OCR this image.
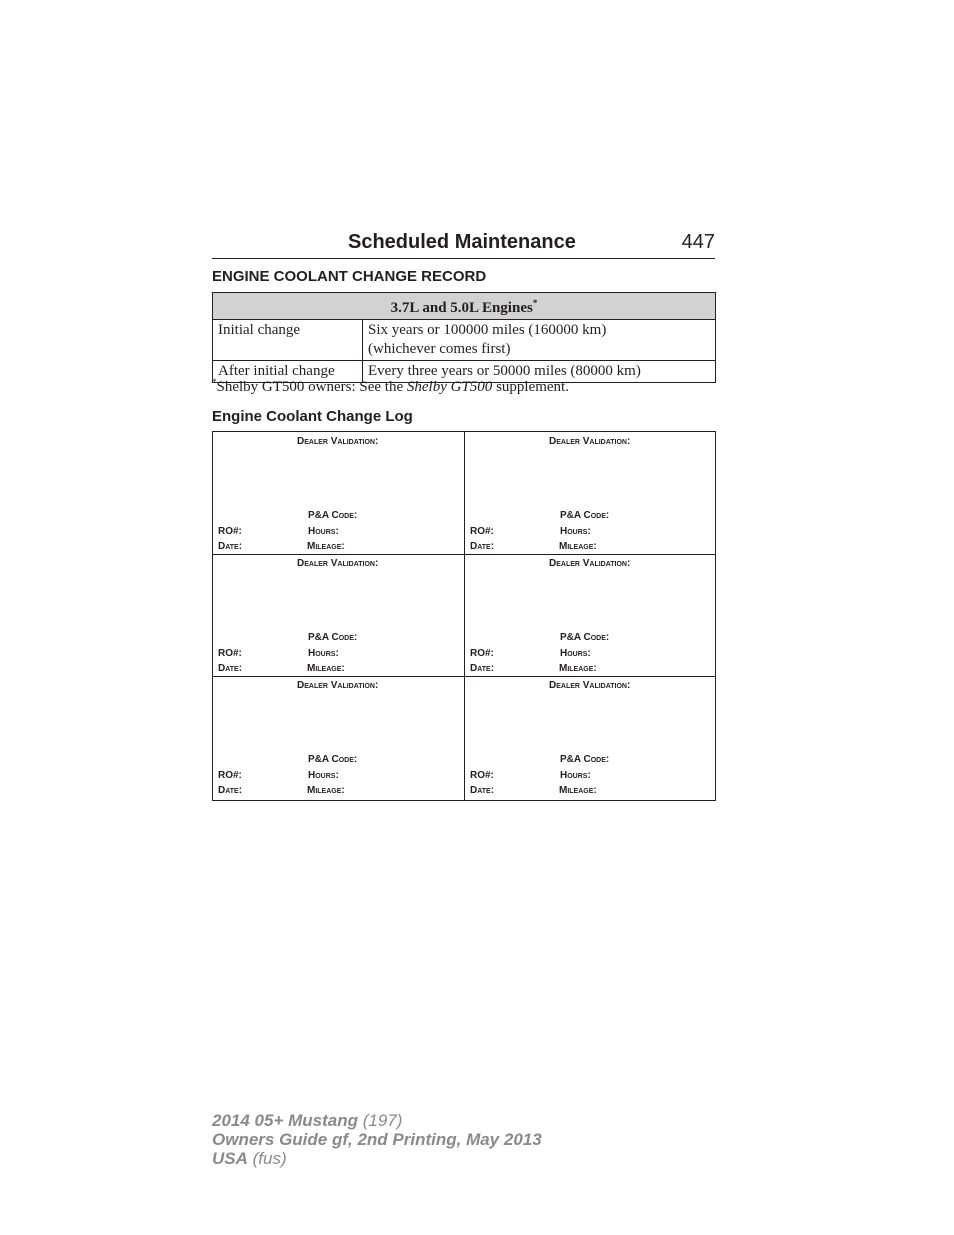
Scheduled Maintenance	447
ENGINE COOLANT CHANGE RECORD
3.7L and 5.0L Engines*
Initial change	Six years or 100000 miles (160000 km)
(whichever comes first)

After initial change	Every three years or 50000 miles (80000 km)
*Shelby GT500 owners: See the Shelby GT500 supplement.
Engine Coolant Change Log
Dealer Validation:
P&A Code:
RO#:	Hours:
Date:	Mileage:
Dealer Validation:
P&A Code:
RO#:	Hours:
Date:	Mileage:
Dealer Validation:
P&A Code:
RO#:	Hours:
Date:	Mileage:
Dealer Validation:
P&A Code:
RO#:	Hours:
Date:	Mileage:
Dealer Validation:
P&A Code:
RO#:	Hours:
Date:	Mileage:
Dealer Validation:
P&A Code:
RO#:	Hours:
Date:	Mileage:
2014 05+ Mustang (197)
Owners Guide gf, 2nd Printing, May 2013
USA (fus)
